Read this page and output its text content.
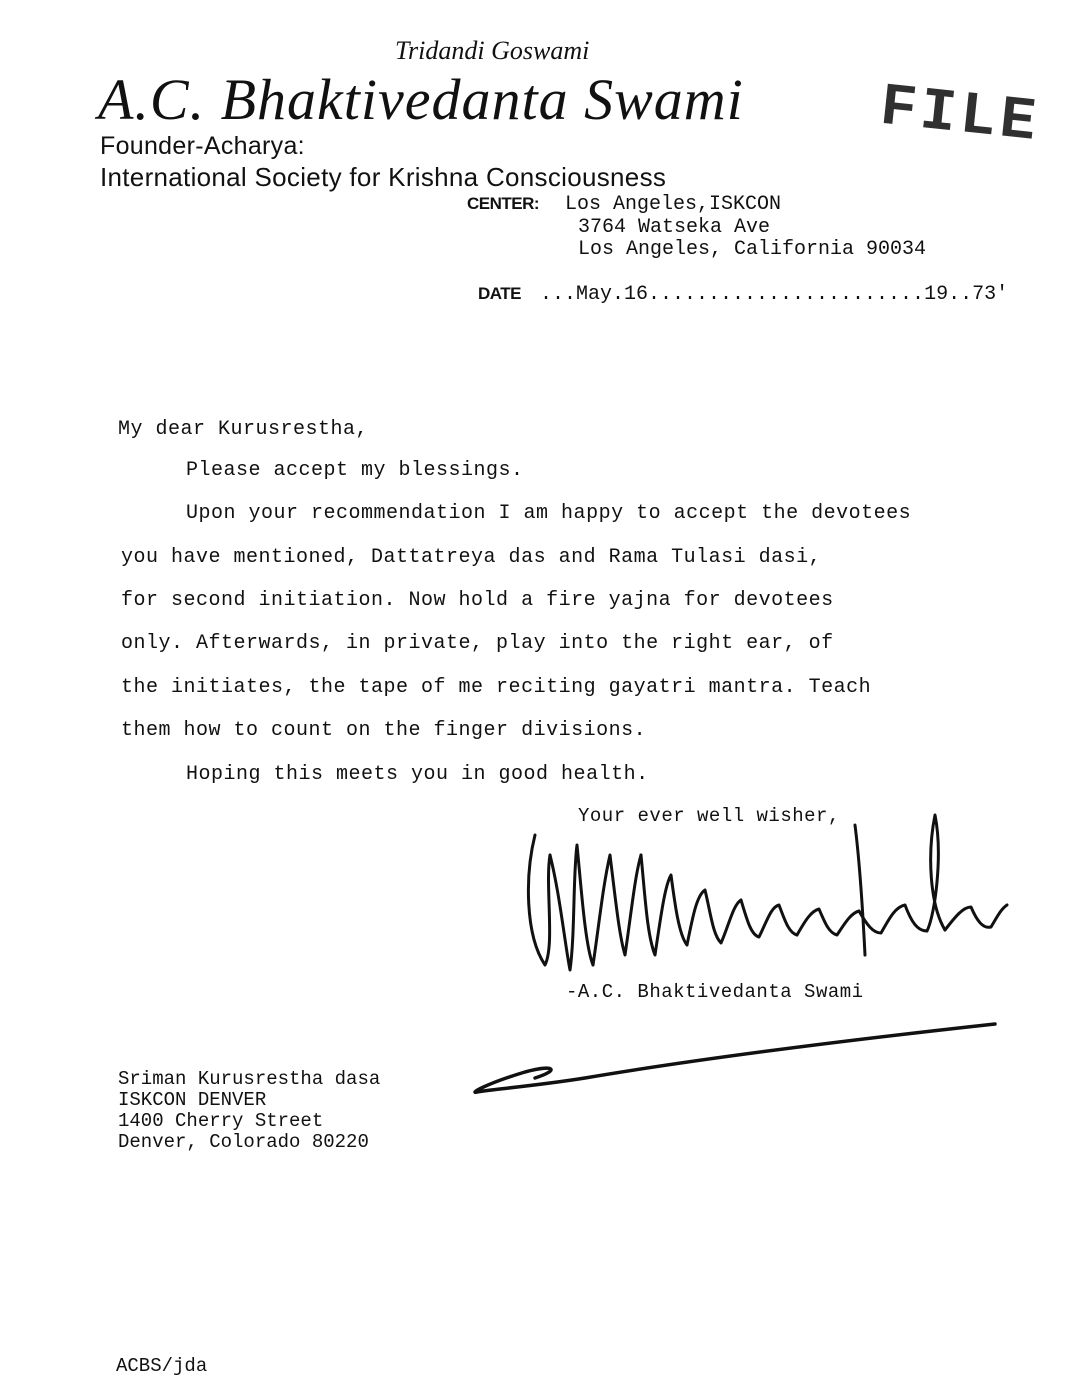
Tridandi Goswami
A.C. Bhaktivedanta Swami
Founder-Acharya:
International Society for Krishna Consciousness
FILE
CENTER: Los Angeles,ISKCON
3764 Watseka Ave
Los Angeles, California 90034
DATE ...May.16.......................19..73'
My dear Kurusrestha,
Please accept my blessings.
Upon your recommendation I am happy to accept the devotees
you have mentioned, Dattatreya das and Rama Tulasi dasi,
for second initiation. Now hold a fire yajna for devotees
only. Afterwards, in private, play into the right ear, of
the initiates, the tape of me reciting gayatri mantra. Teach
them how to count on the finger divisions.
Hoping this meets you in good health.
Your ever well wisher,
-A.C. Bhaktivedanta Swami
Sriman Kurusrestha dasa
ISKCON DENVER
1400 Cherry Street
Denver, Colorado 80220
ACBS/jda
